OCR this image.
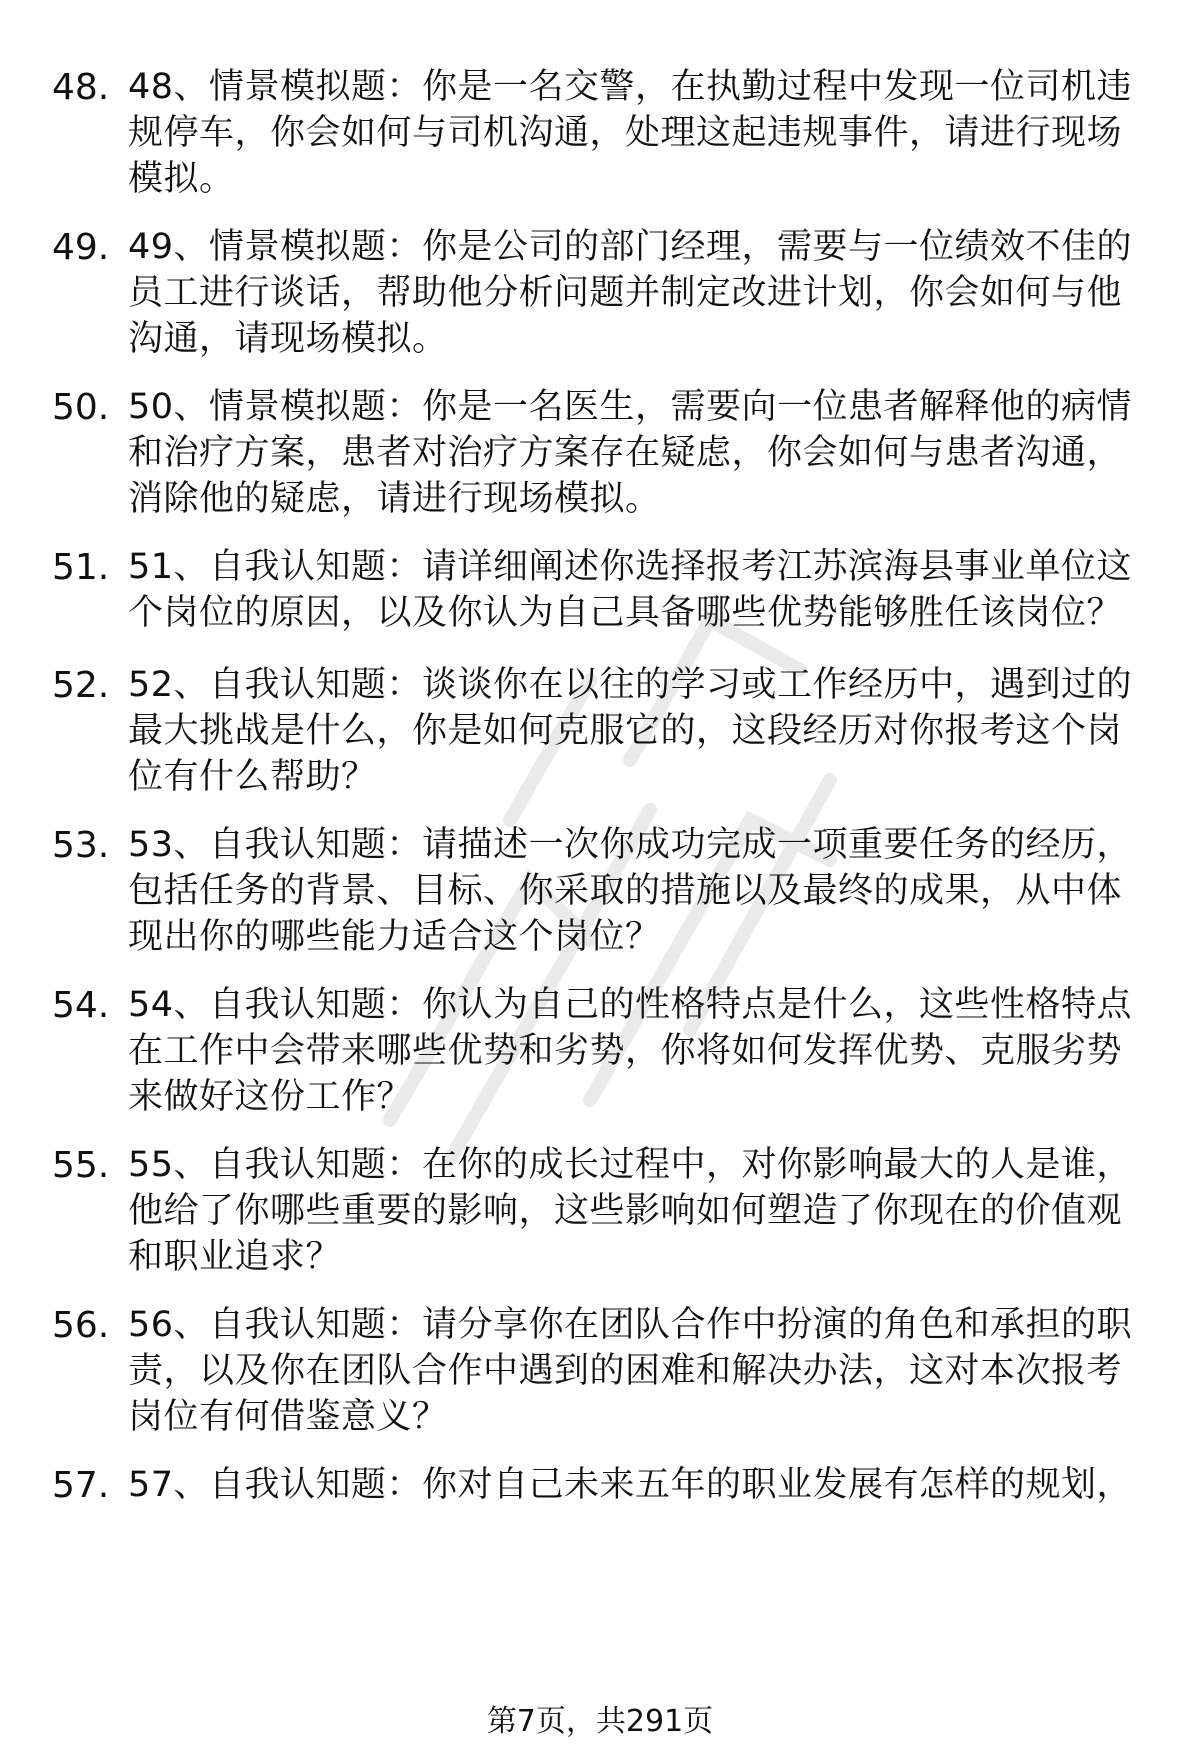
48. 48、情景模拟题：你是一名交警，在执勤过程中发现一位司机违
规停车，你会如何与司机沟通，处理这起违规事件，请进行现场
模拟。
49. 49、情景模拟题：你是公司的部门经理，需要与一位绩效不佳的
员工进行谈话，帮助他分析问题并制定改进计划，你会如何与他
沟通，请现场模拟。
50. 50、情景模拟题：你是一名医生，需要向一位患者解释他的病情
和治疗方案，患者对治疗方案存在疑虑，你会如何与患者沟通，
消除他的疑虑，请进行现场模拟。
51. 51、自我认知题：请详细阐述你选择报考江苏滨海县事业单位这
个岗位的原因，以及你认为自己具备哪些优势能够胜任该岗位？
52. 52、自我认知题：谈谈你在以往的学习或工作经历中，遇到过的
最大挑战是什么，你是如何克服它的，这段经历对你报考这个岗
位有什么帮助？
53. 53、自我认知题：请描述一次你成功完成一项重要任务的经历，
包括任务的背景、目标、你采取的措施以及最终的成果，从中体
现出你的哪些能力适合这个岗位？
54. 54、自我认知题：你认为自己的性格特点是什么，这些性格特点
在工作中会带来哪些优势和劣势，你将如何发挥优势、克服劣势
来做好这份工作？
55. 55、自我认知题：在你的成长过程中，对你影响最大的人是谁，
他给了你哪些重要的影响，这些影响如何塑造了你现在的价值观
和职业追求？
56. 56、自我认知题：请分享你在团队合作中扮演的角色和承担的职
责，以及你在团队合作中遇到的困难和解决办法，这对本次报考
岗位有何借鉴意义？
57. 57、自我认知题：你对自己未来五年的职业发展有怎样的规划，
第7页，共291页
